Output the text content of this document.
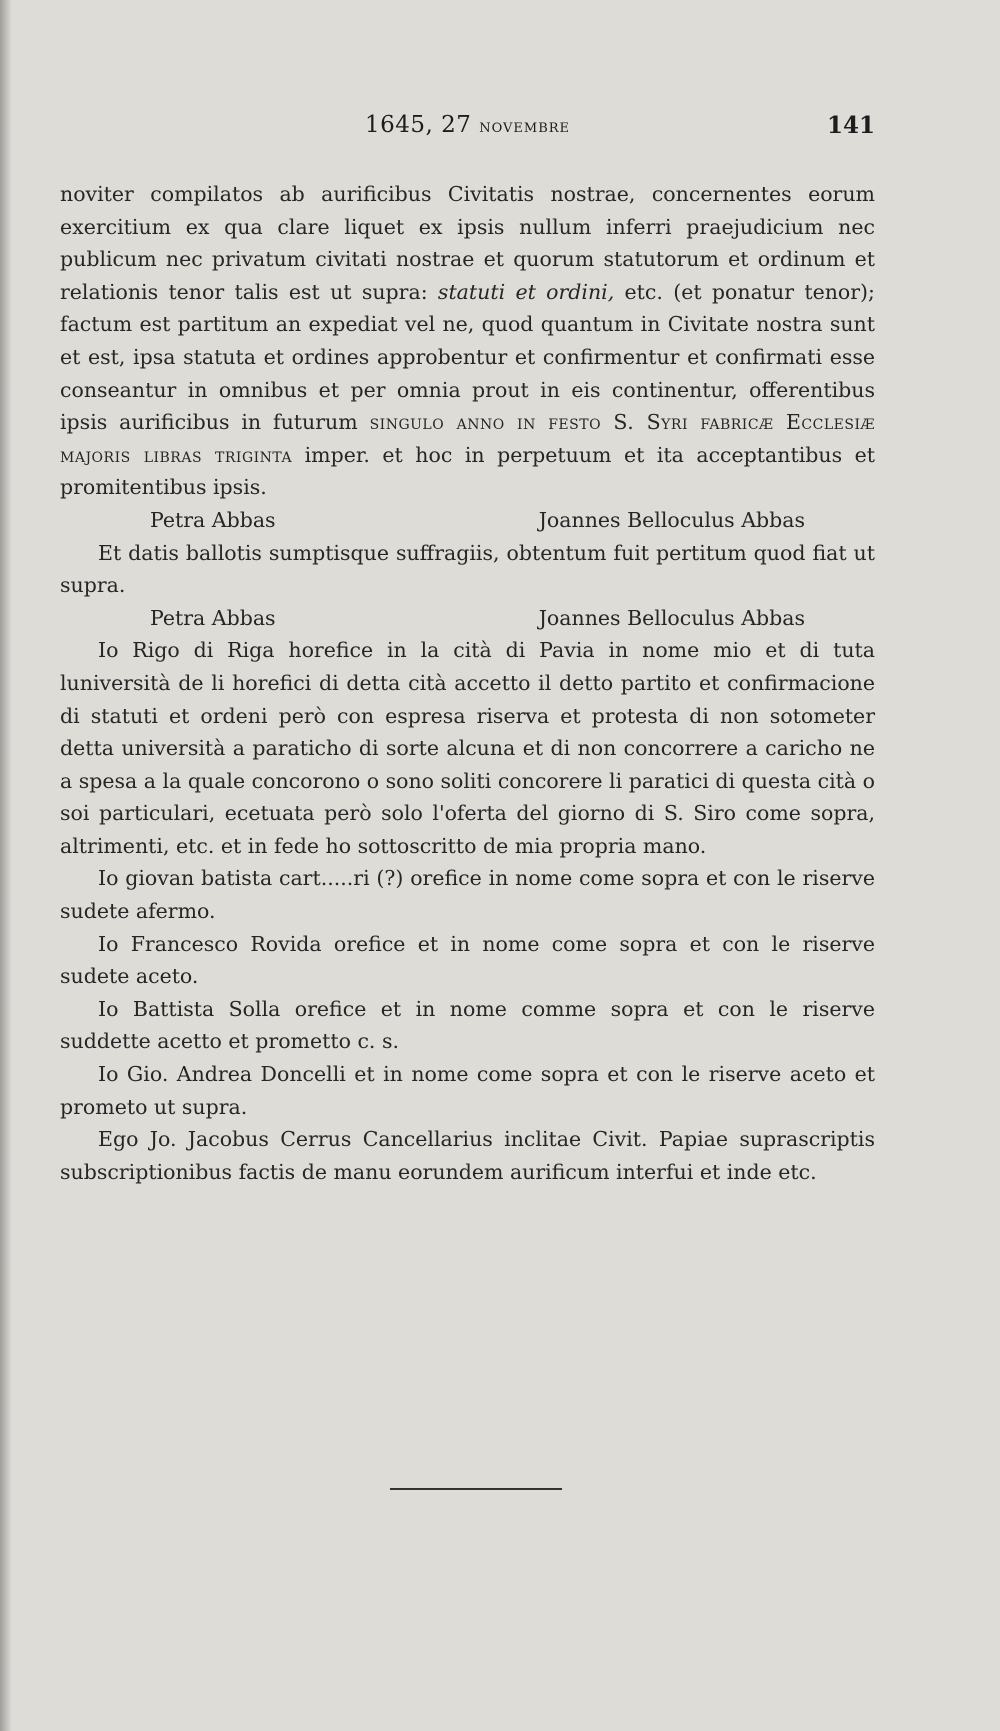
1645, 27 novembre	141

noviter compilatos ab aurificibus Civitatis nostrae, concernentes eorum exercitium ex qua clare liquet ex ipsis nullum inferri praejudicium nec publicum nec privatum civitati nostrae et quorum statutorum et ordinum et relationis tenor talis est ut supra: statuti et ordini, etc. (et ponatur tenor); factum est partitum an expediat vel ne, quod quantum in Civitate nostra sunt et est, ipsa statuta et ordines approbentur et confirmentur et confirmati esse conseantur in omnibus et per omnia prout in eis continentur, offerentibus ipsis aurificibus in futurum singulo anno in festo S. Syri fabricæ Ecclesiæ majoris libras triginta imper. et hoc in perpetuum et ita acceptantibus et promitentibus ipsis.

Petra Abbas	Joannes Belloculus Abbas

Et datis ballotis sumptisque suffragiis, obtentum fuit pertitum quod fiat ut supra.

Petra Abbas	Joannes Belloculus Abbas

Io Rigo di Riga horefice in la cità di Pavia in nome mio et di tuta luniversità de li horefici di detta cità accetto il detto partito et confirmacione di statuti et ordeni però con espresa riserva et protesta di non sotometer detta università a paraticho di sorte alcuna et di non concorrere a caricho ne a spesa a la quale concorono o sono soliti concorere li paratici di questa cità o soi particulari, ecetuata però solo l'oferta del giorno di S. Siro come sopra, altrimenti, etc. et in fede ho sottoscritto de mia propria mano.

Io giovan batista cart.....ri (?) orefice in nome come sopra et con le riserve sudete afermo.

Io Francesco Rovida orefice et in nome come sopra et con le riserve sudete aceto.

Io Battista Solla orefice et in nome comme sopra et con le riserve suddette acetto et prometto c. s.

Io Gio. Andrea Doncelli et in nome come sopra et con le riserve aceto et prometo ut supra.

Ego Jo. Jacobus Cerrus Cancellarius inclitae Civit. Papiae suprascriptis subscriptionibus factis de manu eorundem aurificum interfui et inde etc.
